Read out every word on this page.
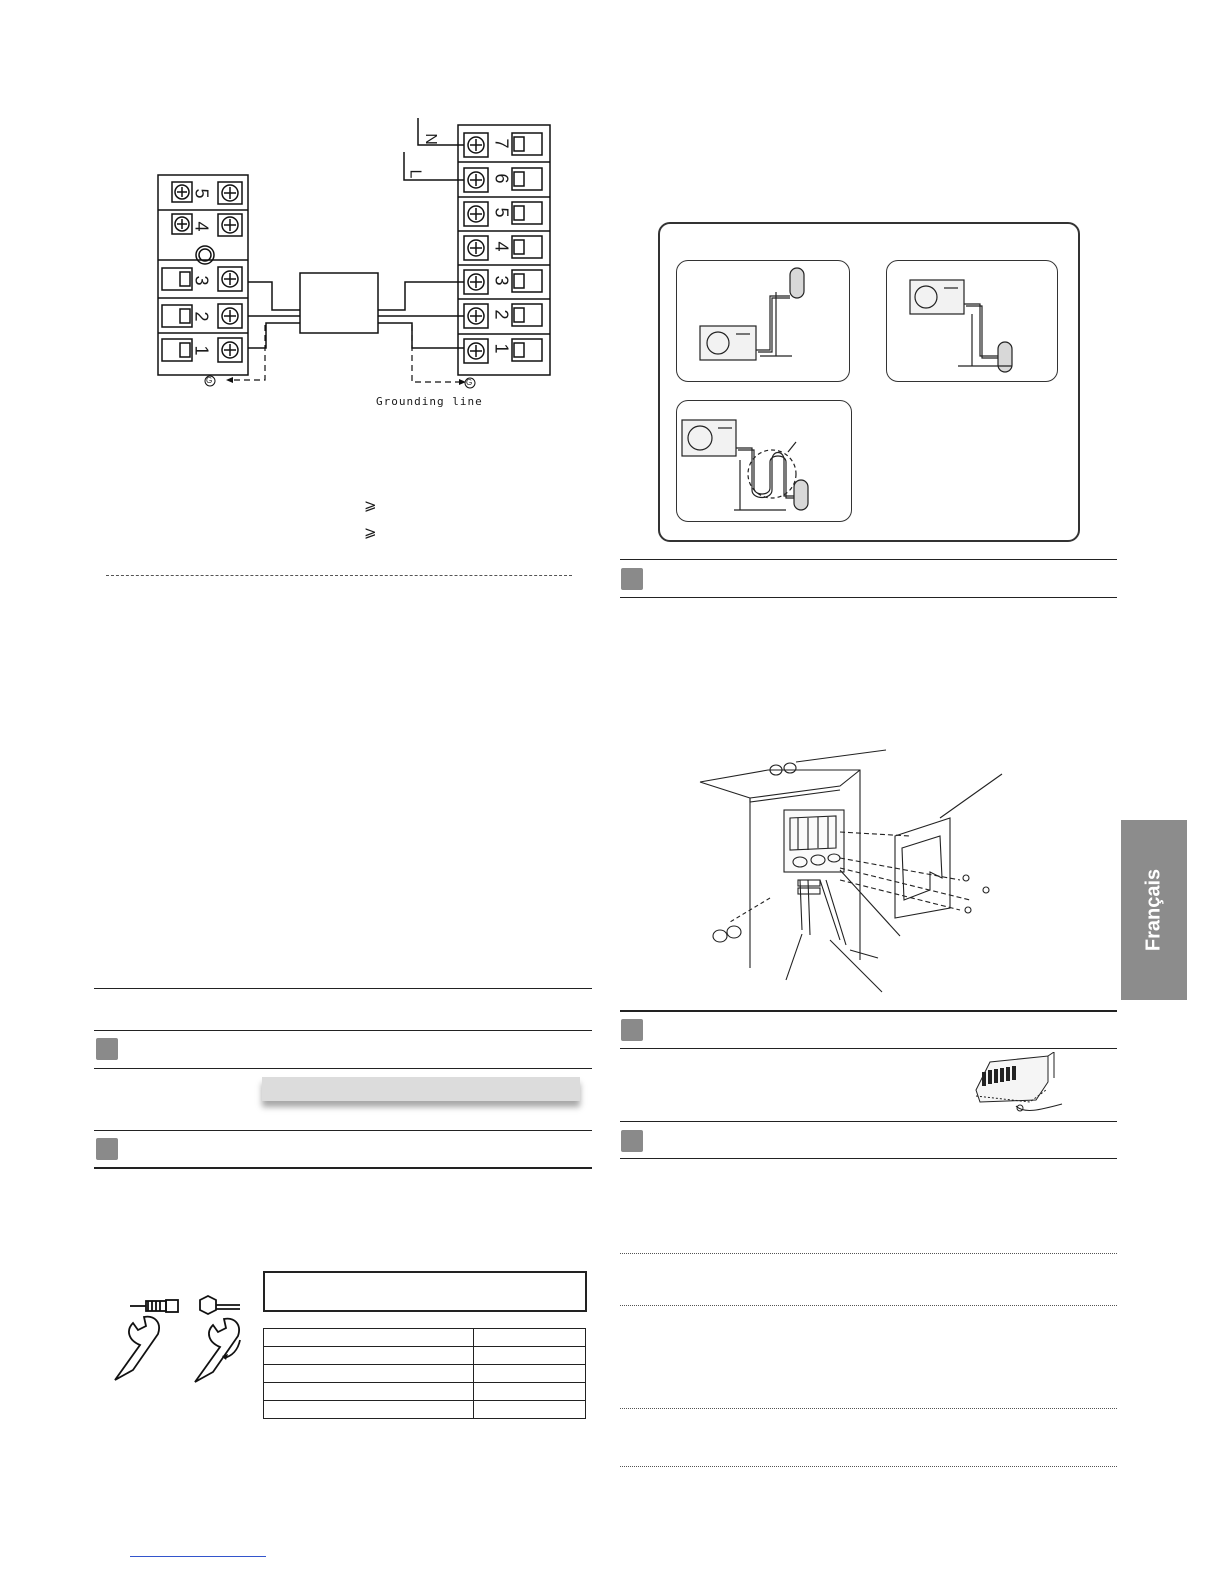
5
4
3
2
1
7
6
5
4
3
2
1
N
L
G	G
Grounding line
⩾
⩾

Français
